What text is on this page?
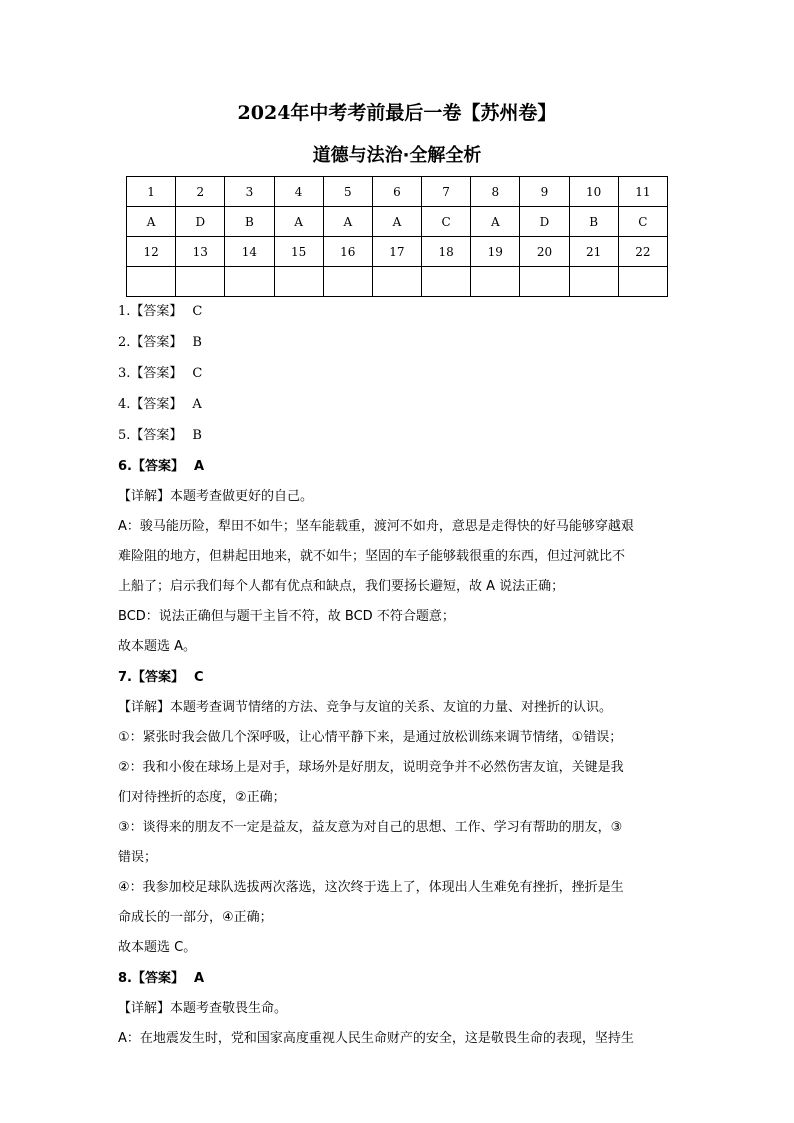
2024年中考考前最后一卷【苏州卷】
道德与法治·全解全析
1	2	3	4	5	6	7	8	9	10	11
A	D	B	A	A	A	C	A	D	B	C
12	13	14	15	16	17	18	19	20	21	22

1.【答案】 C
2.【答案】 B
3.【答案】 C
4.【答案】 A
5.【答案】 B
6.【答案】 A
【详解】本题考查做更好的自己。
A：骏马能历险，犁田不如牛；坚车能载重，渡河不如舟，意思是走得快的好马能够穿越艰
难险阻的地方，但耕起田地来，就不如牛；坚固的车子能够载很重的东西，但过河就比不
上船了；启示我们每个人都有优点和缺点，我们要扬长避短，故 A 说法正确；
BCD：说法正确但与题干主旨不符，故 BCD 不符合题意；
故本题选 A。
7.【答案】 C
【详解】本题考查调节情绪的方法、竞争与友谊的关系、友谊的力量、对挫折的认识。
①：紧张时我会做几个深呼吸，让心情平静下来，是通过放松训练来调节情绪，①错误；
②：我和小俊在球场上是对手，球场外是好朋友，说明竞争并不必然伤害友谊，关键是我
们对待挫折的态度，②正确；
③：谈得来的朋友不一定是益友，益友意为对自己的思想、工作、学习有帮助的朋友，③
错误；
④：我参加校足球队选拔两次落选，这次终于选上了，体现出人生难免有挫折，挫折是生
命成长的一部分，④正确；
故本题选 C。
8.【答案】 A
【详解】本题考查敬畏生命。
A：在地震发生时，党和国家高度重视人民生命财产的安全，这是敬畏生命的表现，坚持生
